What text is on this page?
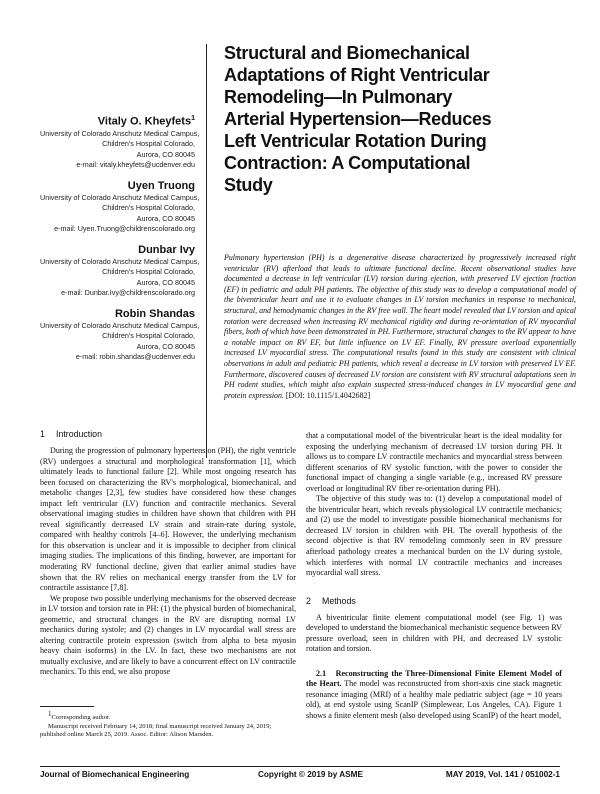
Vitaly O. Kheyfets$^1$
University of Colorado Anschutz Medical Campus,
Children's Hospital Colorado,
Aurora, CO 80045
e-mail: vitaly.kheyfets@ucdenver.edu
Uyen Truong
University of Colorado Anschutz Medical Campus,
Children's Hospital Colorado,
Aurora, CO 80045
e-mail: Uyen.Truong@childrenscolorado.org
Dunbar Ivy
University of Colorado Anschutz Medical Campus,
Children's Hospital Colorado,
Aurora, CO 80045
e-mail: Dunbar.Ivy@childrenscolorado.org
Robin Shandas
University of Colorado Anschutz Medical Campus,
Children's Hospital Colorado,
Aurora, CO 80045
e-mail: robin.shandas@ucdenver.edu
Structural and Biomechanical
Adaptations of Right Ventricular
Remodeling—In Pulmonary
Arterial Hypertension—Reduces
Left Ventricular Rotation During
Contraction: A Computational
Study
Pulmonary hypertension (PH) is a degenerative disease characterized by progressively increased right ventricular (RV) afterload that leads to ultimate functional decline. Recent observational studies have documented a decrease in left ventricular (LV) torsion during ejection, with preserved LV ejection fraction (EF) in pediatric and adult PH patients. The objective of this study was to develop a computational model of the biventricular heart and use it to evaluate changes in LV torsion mechanics in response to mechanical, structural, and hemodynamic changes in the RV free wall. The heart model revealed that LV torsion and apical rotation were decreased when increasing RV mechanical rigidity and during re-orientation of RV myocardial fibers, both of which have been demonstrated in PH. Furthermore, structural changes to the RV appear to have a notable impact on RV EF, but little influence on LV EF. Finally, RV pressure overload exponentially increased LV myocardial stress. The computational results found in this study are consistent with clinical observations in adult and pediatric PH patients, which reveal a decrease in LV torsion with preserved LV EF. Furthermore, discovered causes of decreased LV torsion are consistent with RV structural adaptations seen in PH rodent studies, which might also explain suspected stress-induced changes in LV myocardial gene and protein expression. [DOI: 10.1115/1.4042682]
1 Introduction

During the progression of pulmonary hypertension (PH), the right ventricle (RV) undergoes a structural and morphological transformation [1], which ultimately leads to functional failure [2]. While most ongoing research has been focused on characterizing the RV's morphological, biomechanical, and metabolic changes [2,3], few studies have considered how these changes impact left ventricular (LV) function and contractile mechanics. Several observational imaging studies in children have shown that children with PH reveal significantly decreased LV strain and strain-rate during systole, compared with healthy controls [4–6]. However, the underlying mechanism for this observation is unclear and it is impossible to decipher from clinical imaging studies. The implications of this finding, however, are important for moderating RV functional decline, given that earlier animal studies have shown that the RV relies on mechanical energy transfer from the LV for contractile assistance [7,8].

We propose two possible underlying mechanisms for the observed decrease in LV torsion and torsion rate in PH: (1) the physical burden of biomechanical, geometric, and structural changes in the RV are disrupting normal LV mechanics during systole; and (2) changes in LV myocardial wall stress are altering contractile protein expression (switch from alpha to beta myosin heavy chain isoforms) in the LV. In fact, these two mechanisms are not mutually exclusive, and are likely to have a concurrent effect on LV contractile mechanics. To this end, we also propose

that a computational model of the biventricular heart is the ideal modality for exposing the underlying mechanism of decreased LV torsion during PH. It allows us to compare LV contractile mechanics and myocardial stress between different scenarios of RV systolic function, with the power to consider the functional impact of changing a single variable (e.g., increased RV pressure overload or longitudinal RV fiber re-orientation during PH).

The objective of this study was to: (1) develop a computational model of the biventricular heart, which reveals physiological LV contractile mechanics; and (2) use the model to investigate possible biomechanical mechanisms for decreased LV torsion in children with PH. The overall hypothesis of the second objective is that RV remodeling commonly seen in RV pressure afterload pathology creates a mechanical burden on the LV during systole, which interferes with normal LV contractile mechanics and increases myocardial wall stress.

2 Methods

A biventricular finite element computational model (see Fig. 1) was developed to understand the biomechanical mechanistic sequence between RV pressure overload, seen in children with PH, and decreased LV systolic rotation and torsion.

2.1 Reconstructing the Three-Dimensional Finite Element Model of the Heart. The model was reconstructed from short-axis cine stack magnetic resonance imaging (MRI) of a healthy male pediatric subject (age = 10 years old), at end systole using ScanIP (Simplewear, Los Angeles, CA). Figure 1 shows a finite element mesh (also developed using ScanIP) of the heart model,

1Corresponding author.

Manuscript received February 14, 2018; final manuscript received January 24, 2019; published online March 25, 2019. Assoc. Editor: Alison Marsden.

Journal of Biomechanical Engineering	Copyright © 2019 by ASME	MAY 2019, Vol. 141 / 051002-1
